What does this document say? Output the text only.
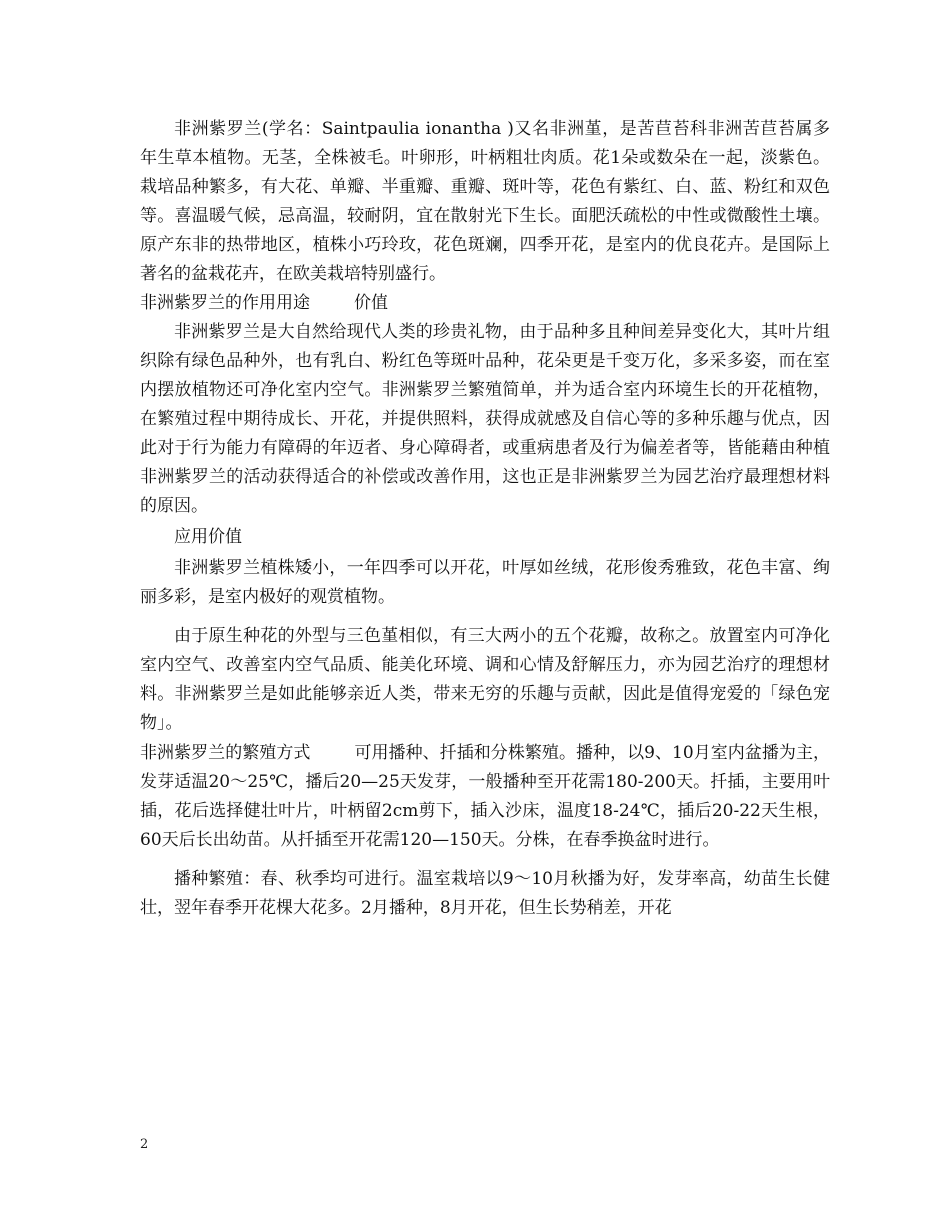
非洲紫罗兰(学名：Saintpaulia ionantha )又名非洲堇，是苦苣苔科非洲苦苣苔属多年生草本植物。无茎，全株被毛。叶卵形，叶柄粗壮肉质。花1朵或数朵在一起，淡紫色。栽培品种繁多，有大花、单瓣、半重瓣、重瓣、斑叶等，花色有紫红、白、蓝、粉红和双色等。喜温暖气候，忌高温，较耐阴，宜在散射光下生长。面肥沃疏松的中性或微酸性土壤。原产东非的热带地区，植株小巧玲玫，花色斑斓，四季开花，是室内的优良花卉。是国际上著名的盆栽花卉，在欧美栽培特别盛行。

非洲紫罗兰的作用用途	价值

非洲紫罗兰是大自然给现代人类的珍贵礼物，由于品种多且种间差异变化大，其叶片组织除有绿色品种外，也有乳白、粉红色等斑叶品种，花朵更是千变万化，多采多姿，而在室内摆放植物还可净化室内空气。非洲紫罗兰繁殖简单，并为适合室内环境生长的开花植物，在繁殖过程中期待成长、开花，并提供照料，获得成就感及自信心等的多种乐趣与优点，因此对于行为能力有障碍的年迈者、身心障碍者，或重病患者及行为偏差者等，皆能藉由种植非洲紫罗兰的活动获得适合的补偿或改善作用，这也正是非洲紫罗兰为园艺治疗最理想材料的原因。

应用价值

非洲紫罗兰植株矮小，一年四季可以开花，叶厚如丝绒，花形俊秀雅致，花色丰富、绚丽多彩，是室内极好的观赏植物。

由于原生种花的外型与三色堇相似，有三大两小的五个花瓣，故称之。放置室内可净化室内空气、改善室内空气品质、能美化环境、调和心情及舒解压力，亦为园艺治疗的理想材料。非洲紫罗兰是如此能够亲近人类，带来无穷的乐趣与贡献，因此是值得宠爱的「绿色宠物」。

非洲紫罗兰的繁殖方式	可用播种、扦插和分株繁殖。播种，以9、10月室内盆播为主，发芽适温20～25℃，播后20—25天发芽，一般播种至开花需180-200天。扦插，主要用叶插，花后选择健壮叶片，叶柄留2cm剪下，插入沙床，温度18-24℃，插后20-22天生根，60天后长出幼苗。从扦插至开花需120—150天。分株，在春季换盆时进行。

播种繁殖：春、秋季均可进行。温室栽培以9～10月秋播为好，发芽率高，幼苗生长健壮，翌年春季开花棵大花多。2月播种，8月开花，但生长势稍差，开花

2
